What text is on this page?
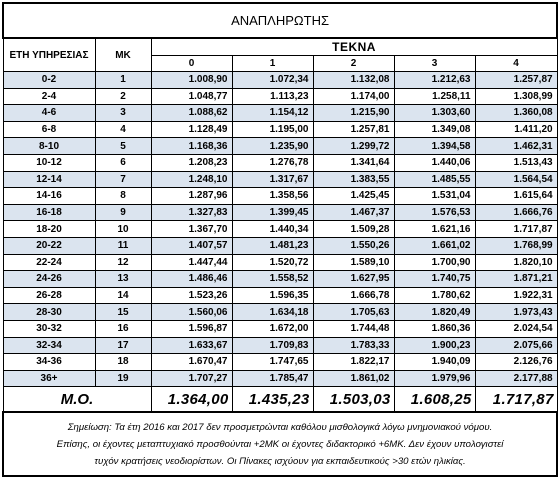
ΑΝΑΠΛΗΡΩΤΗΣ						
ΕΤΗ ΥΠΗΡΕΣΙΑΣ	ΜΚ	ΤΕΚΝΑ				
		0	1	2	3	4
0-2	1	1.008,90	1.072,34	1.132,08	1.212,63	1.257,87
2-4	2	1.048,77	1.113,23	1.174,00	1.258,11	1.308,99
4-6	3	1.088,62	1.154,12	1.215,90	1.303,60	1.360,08
6-8	4	1.128,49	1.195,00	1.257,81	1.349,08	1.411,20
8-10	5	1.168,36	1.235,90	1.299,72	1.394,58	1.462,31
10-12	6	1.208,23	1.276,78	1.341,64	1.440,06	1.513,43
12-14	7	1.248,10	1.317,67	1.383,55	1.485,55	1.564,54
14-16	8	1.287,96	1.358,56	1.425,45	1.531,04	1.615,64
16-18	9	1.327,83	1.399,45	1.467,37	1.576,53	1.666,76
18-20	10	1.367,70	1.440,34	1.509,28	1.621,16	1.717,87
20-22	11	1.407,57	1.481,23	1.550,26	1.661,02	1.768,99
22-24	12	1.447,44	1.520,72	1.589,10	1.700,90	1.820,10
24-26	13	1.486,46	1.558,52	1.627,95	1.740,75	1.871,21
26-28	14	1.523,26	1.596,35	1.666,78	1.780,62	1.922,31
28-30	15	1.560,06	1.634,18	1.705,63	1.820,49	1.973,43
30-32	16	1.596,87	1.672,00	1.744,48	1.860,36	2.024,54
32-34	17	1.633,67	1.709,83	1.783,33	1.900,23	2.075,66
34-36	18	1.670,47	1.747,65	1.822,17	1.940,09	2.126,76
36+	19	1.707,27	1.785,47	1.861,02	1.979,96	2.177,88
Μ.Ο.		1.364,00	1.435,23	1.503,03	1.608,25	1.717,87

Σημείωση: Τα έτη 2016 και 2017 δεν προσμετρώνται καθόλου μισθολογικά λόγω μνημονιακού νόμου.
Επίσης, οι έχοντες μεταπτυχιακό προσθούνται +2ΜΚ οι έχοντες διδακτορικό +6ΜΚ. Δεν έχουν υπολογιστεί
τυχόν κρατήσεις νεοδιορίστων. Οι Πίνακες ισχύουν για εκπαιδευτικούς >30 ετών ηλικίας.						
